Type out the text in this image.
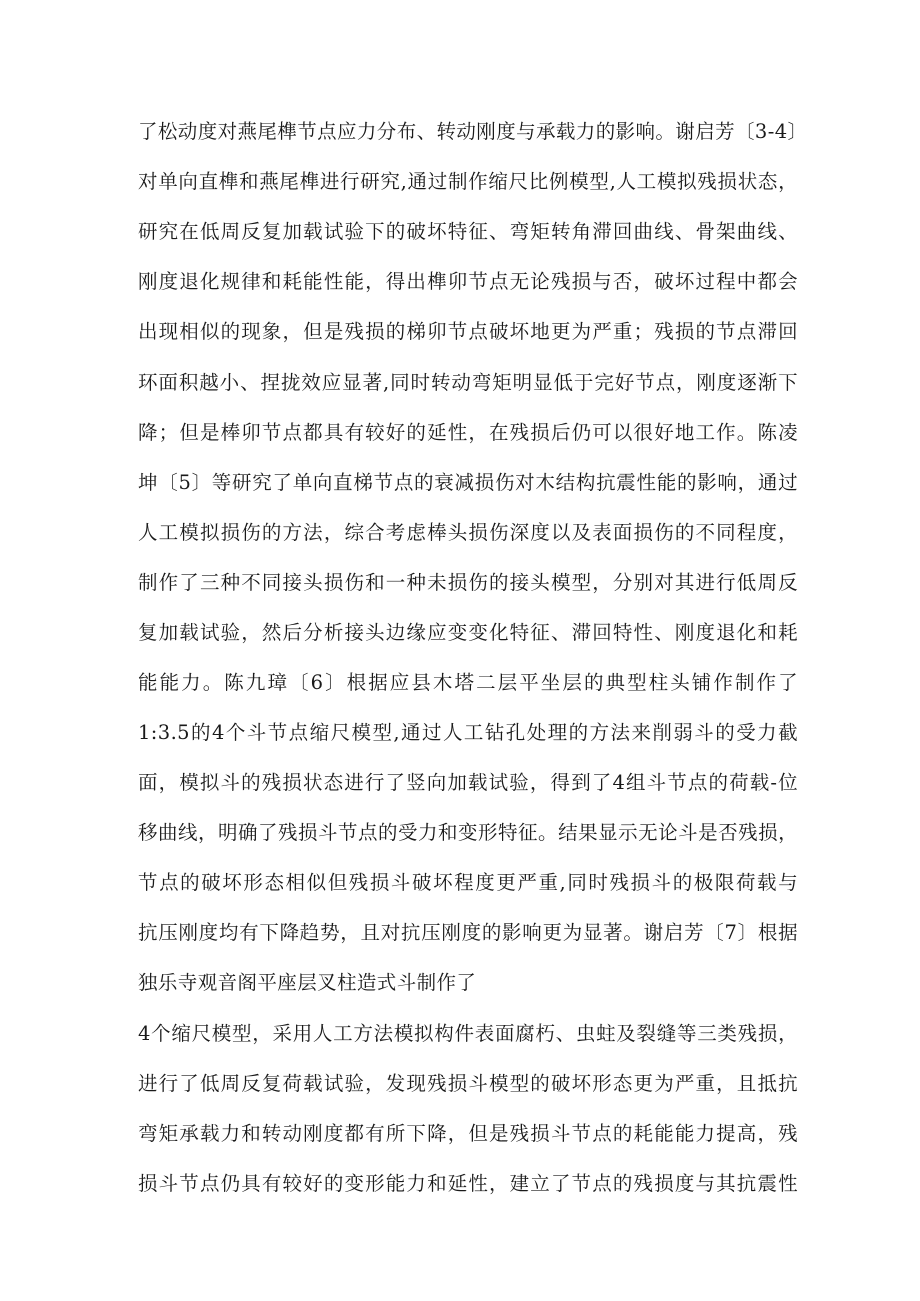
了松动度对燕尾榫节点应力分布、转动刚度与承载力的影响。谢启芳〔3-4〕
对单向直榫和燕尾榫进行研究,通过制作缩尺比例模型,人工模拟残损状态，
研究在低周反复加载试验下的破坏特征、弯矩转角滞回曲线、骨架曲线、
刚度退化规律和耗能性能，得出榫卯节点无论残损与否，破坏过程中都会
出现相似的现象，但是残损的梯卯节点破坏地更为严重；残损的节点滞回
环面积越小、捏拢效应显著,同时转动弯矩明显低于完好节点，刚度逐渐下
降；但是棒卯节点都具有较好的延性，在残损后仍可以很好地工作。陈凌
坤〔5〕等研究了单向直梯节点的衰减损伤对木结构抗震性能的影响，通过
人工模拟损伤的方法，综合考虑棒头损伤深度以及表面损伤的不同程度，
制作了三种不同接头损伤和一种未损伤的接头模型，分别对其进行低周反
复加载试验，然后分析接头边缘应变变化特征、滞回特性、刚度退化和耗
能能力。陈九璋〔6〕根据应县木塔二层平坐层的典型柱头铺作制作了
1:3.5的4个斗节点缩尺模型,通过人工钻孔处理的方法来削弱斗的受力截
面，模拟斗的残损状态进行了竖向加载试验，得到了4组斗节点的荷载-位
移曲线，明确了残损斗节点的受力和变形特征。结果显示无论斗是否残损，
节点的破坏形态相似但残损斗破坏程度更严重,同时残损斗的极限荷载与
抗压刚度均有下降趋势，且对抗压刚度的影响更为显著。谢启芳〔7〕根据
独乐寺观音阁平座层叉柱造式斗制作了
4个缩尺模型，采用人工方法模拟构件表面腐朽、虫蛀及裂缝等三类残损，
进行了低周反复荷载试验，发现残损斗模型的破坏形态更为严重，且抵抗
弯矩承载力和转动刚度都有所下降，但是残损斗节点的耗能能力提高，残
损斗节点仍具有较好的变形能力和延性，建立了节点的残损度与其抗震性
